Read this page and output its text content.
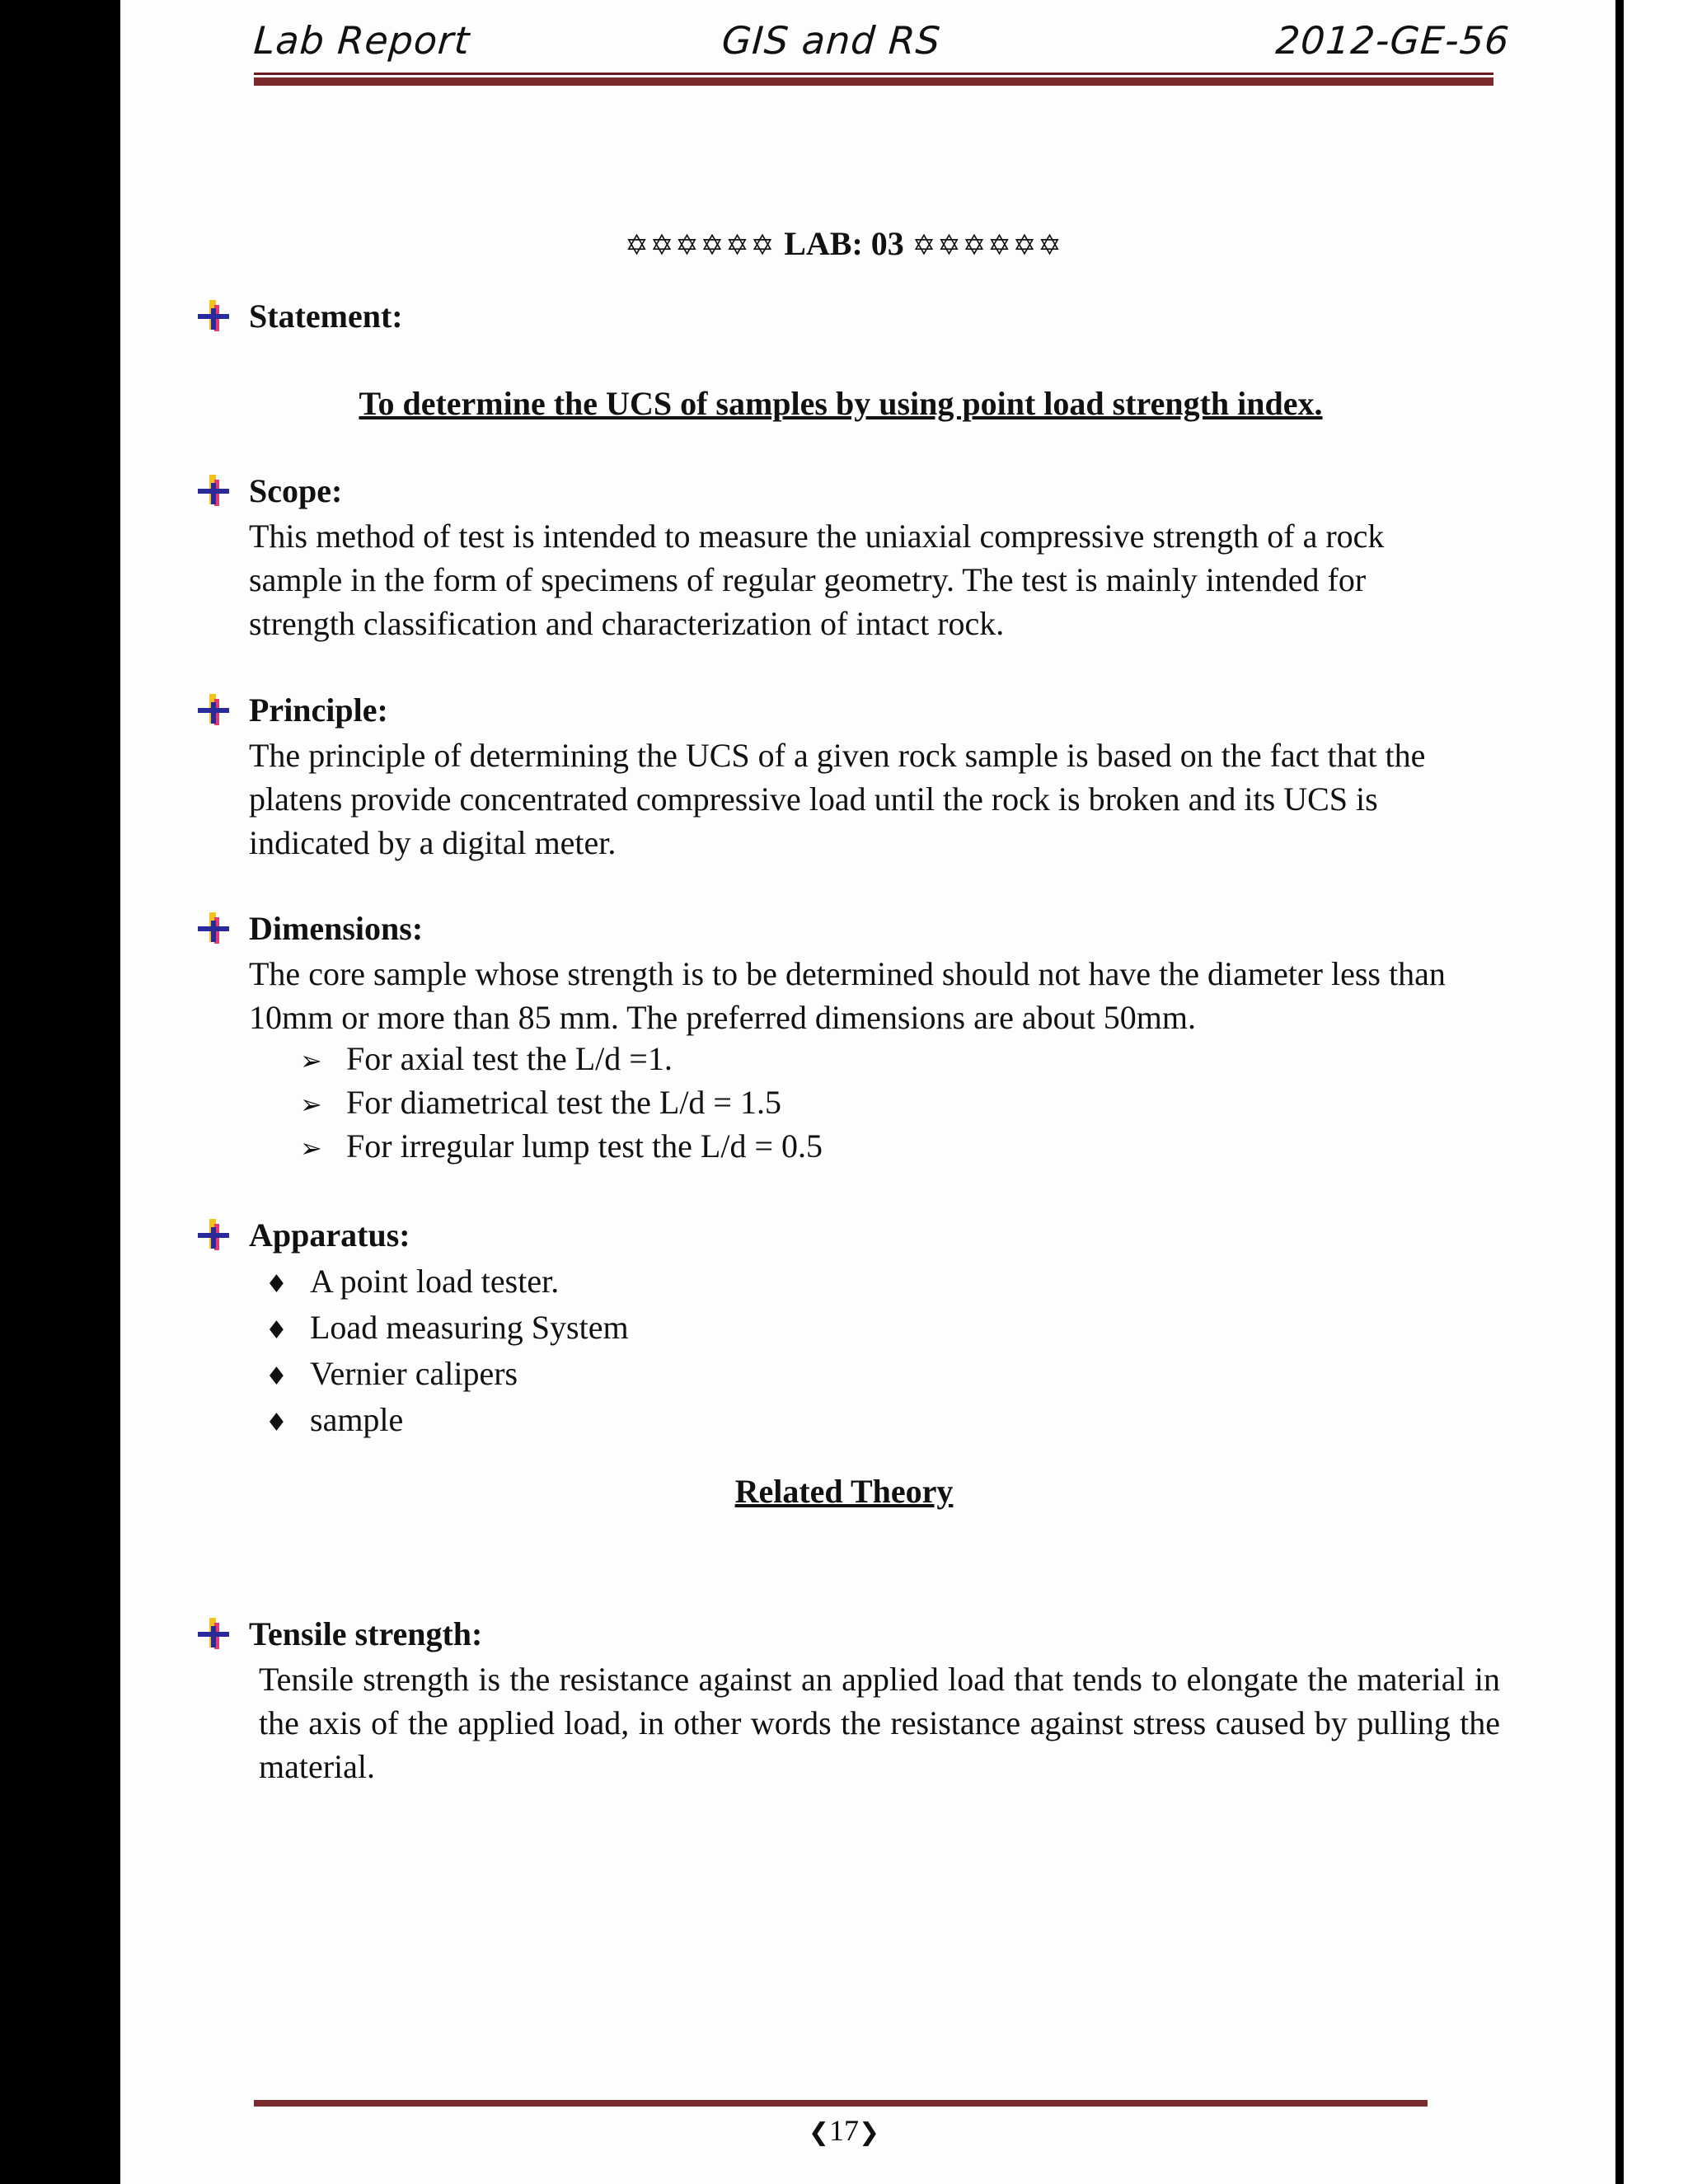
Lab Report	GIS and RS	2012-GE-56
✡✡✡✡✡✡ LAB: 03 ✡✡✡✡✡✡
Statement:
To determine the UCS of samples by using point load strength index.
Scope:
This method of test is intended to measure the uniaxial compressive strength of a rock
sample in the form of specimens of regular geometry. The test is mainly intended for
strength classification and characterization of intact rock.
Principle:
The principle of determining the UCS of a given rock sample is based on the fact that the
platens provide concentrated compressive load until the rock is broken and its UCS is
indicated by a digital meter.
Dimensions:
The core sample whose strength is to be determined should not have the diameter less than
10mm or more than 85 mm. The preferred dimensions are about 50mm.
➢ For axial test the L/d =1.
➢ For diametrical test the L/d = 1.5
➢ For irregular lump test the L/d = 0.5
Apparatus:
♦ A point load tester.
♦ Load measuring System
♦ Vernier calipers
♦ sample
Related Theory
Tensile strength:
Tensile strength is the resistance against an applied load that tends to elongate the material in the axis of the applied load, in other words the resistance against stress caused by pulling the material.
❮17❯
